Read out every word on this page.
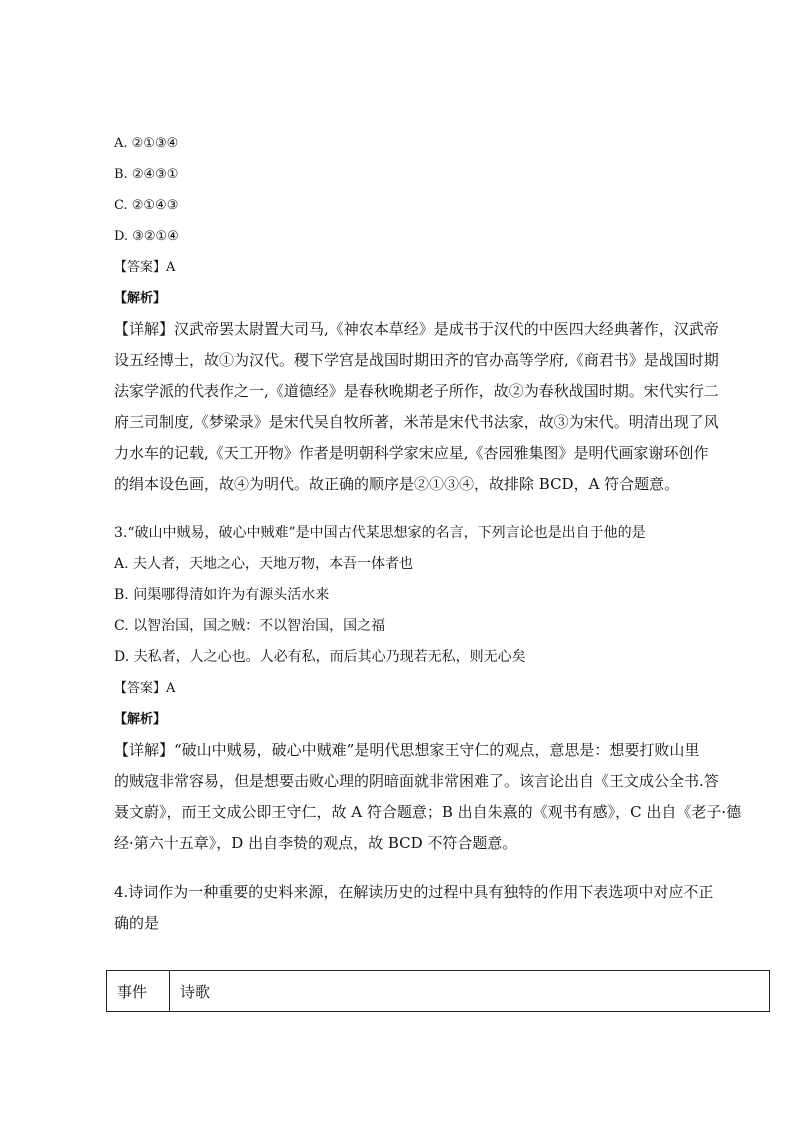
A. ②①③④
B. ②④③①
C. ②①④③
D. ③②①④
【答案】A
【解析】
【详解】汉武帝罢太尉置大司马,《神农本草经》是成书于汉代的中医四大经典著作，汉武帝
设五经博士，故①为汉代。稷下学宫是战国时期田齐的官办高等学府,《商君书》是战国时期
法家学派的代表作之一,《道德经》是春秋晚期老子所作，故②为春秋战国时期。宋代实行二
府三司制度,《梦梁录》是宋代吴自牧所著，米芾是宋代书法家，故③为宋代。明清出现了风
力水车的记载,《天工开物》作者是明朝科学家宋应星,《杏园雅集图》是明代画家谢环创作
的绢本设色画，故④为明代。故正确的顺序是②①③④，故排除 BCD，A 符合题意。
3.“破山中贼易，破心中贼难”是中国古代某思想家的名言，下列言论也是出自于他的是
A. 夫人者，天地之心，天地万物，本吾一体者也
B. 问渠哪得清如许为有源头活水来
C. 以智治国，国之贼：不以智治国，国之福
D. 夫私者，人之心也。人必有私，而后其心乃现若无私，则无心矣
【答案】A
【解析】
【详解】“破山中贼易，破心中贼难”是明代思想家王守仁的观点，意思是：想要打败山里
的贼寇非常容易，但是想要击败心理的阴暗面就非常困难了。该言论出自《王文成公全书.答
聂文蔚》，而王文成公即王守仁，故 A 符合题意；B 出自朱熹的《观书有感》，C 出自《老子·德
经·第六十五章》，D 出自李贽的观点，故 BCD 不符合题意。
4.诗词作为一种重要的史料来源，在解读历史的过程中具有独特的作用下表选项中对应不正
确的是
事件	诗歌
